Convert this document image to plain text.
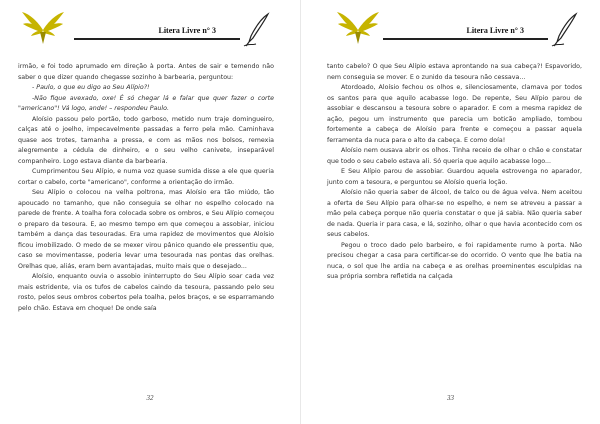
Litera Livre n° 3

irmão, e foi todo aprumado em direção à porta. Antes de sair e temendo não saber o que dizer quando chegasse sozinho à barbearia, perguntou:

- Paulo, o que eu digo ao Seu Alípio?!

-Não fique avexado, oxe! É só chegar lá e falar que quer fazer o corte "americano"! Vá logo, ande! – respondeu Paulo.

Aloísio passou pelo portão, todo garboso, metido num traje domingueiro, calças até o joelho, impecavelmente passadas a ferro pela mão. Caminhava quase aos trotes, tamanha a pressa, e com as mãos nos bolsos, remexia alegremente a cédula de dinheiro, e o seu velho canivete, inseparável companheiro. Logo estava diante da barbearia.

Cumprimentou Seu Alípio, e numa voz quase sumida disse a ele que queria cortar o cabelo, corte "americano", conforme a orientação do irmão.

Seu Alípio o colocou na velha poltrona, mas Aloísio era tão miúdo, tão apoucado no tamanho, que não conseguia se olhar no espelho colocado na parede de frente. A toalha fora colocada sobre os ombros, e Seu Alípio começou o preparo da tesoura. E, ao mesmo tempo em que começou a assobiar, iniciou também a dança das tesouradas. Era uma rapidez de movimentos que Aloísio ficou imobilizado. O medo de se mexer virou pânico quando ele pressentiu que, caso se movimentasse, poderia levar uma tesourada nas pontas das orelhas. Orelhas que, aliás, eram bem avantajadas, muito mais que o desejado...

Aloísio, enquanto ouvia o assobio ininterrupto do Seu Alípio soar cada vez mais estridente, via os tufos de cabelos caindo da tesoura, passando pelo seu rosto, pelos seus ombros cobertos pela toalha, pelos braços, e se esparramando pelo chão. Estava em choque! De onde saía

32
Litera Livre n° 3

tanto cabelo? O que Seu Alípio estava aprontando na sua cabeça?! Espavorido, nem conseguia se mover. E o zunido da tesoura não cessava...

Atordoado, Aloísio fechou os olhos e, silenciosamente, clamava por todos os santos para que aquilo acabasse logo. De repente, Seu Alípio parou de assobiar e descansou a tesoura sobre o aparador. E com a mesma rapidez de ação, pegou um instrumento que parecia um boticão ampliado, tombou fortemente a cabeça de Aloísio para frente e começou a passar aquela ferramenta da nuca para o alto da cabeça. E como doía!

Aloísio nem ousava abrir os olhos. Tinha receio de olhar o chão e constatar que todo o seu cabelo estava ali. Só queria que aquilo acabasse logo...

E Seu Alípio parou de assobiar. Guardou aquela estrovenga no aparador, junto com a tesoura, e perguntou se Aloísio queria loção.

Aloísio não queria saber de álcool, de talco ou de água velva. Nem aceitou a oferta de Seu Alípio para olhar-se no espelho, e nem se atreveu a passar a mão pela cabeça porque não queria constatar o que já sabia. Não queria saber de nada. Queria ir para casa, e lá, sozinho, olhar o que havia acontecido com os seus cabelos.

Pegou o troco dado pelo barbeiro, e foi rapidamente rumo à porta. Não precisou chegar a casa para certificar-se do ocorrido. O vento que lhe batia na nuca, o sol que lhe ardia na cabeça e as orelhas proeminentes esculpidas na sua própria sombra refletida na calçada

33
